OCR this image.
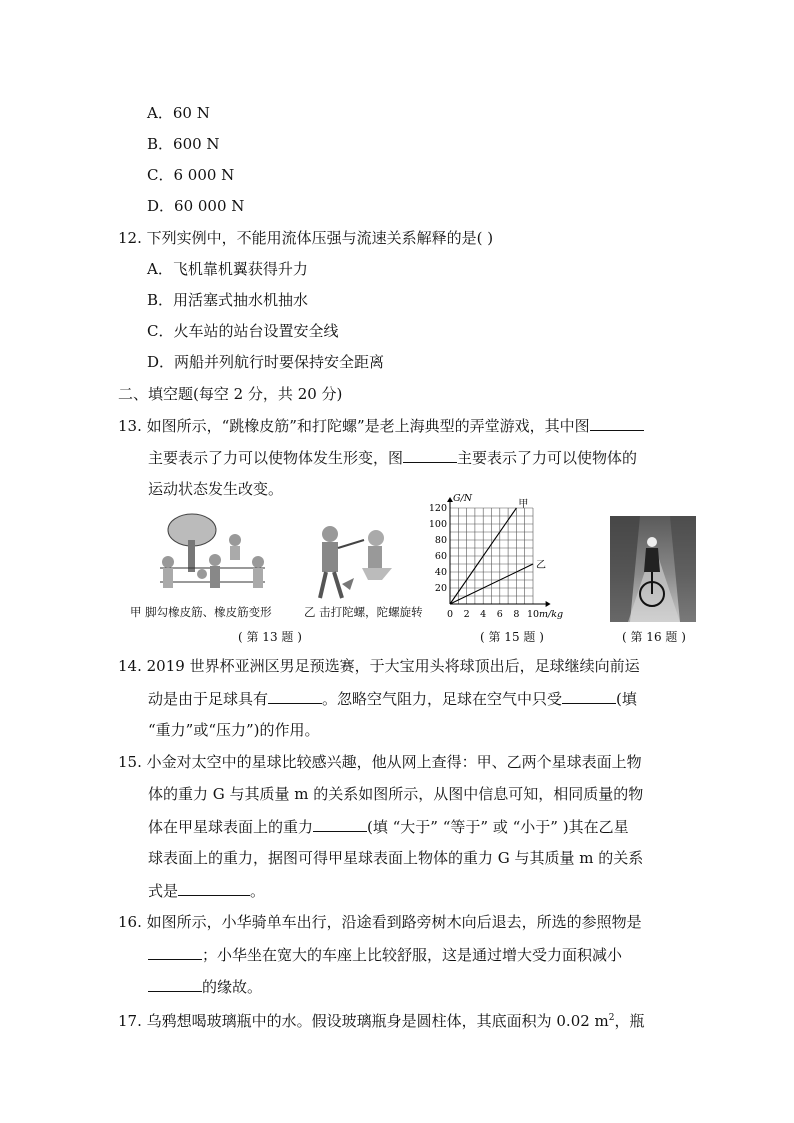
A．60 N
B．600 N
C．6 000 N
D．60 000 N
12. 下列实例中，不能用流体压强与流速关系解释的是( )
A．飞机靠机翼获得升力
B．用活塞式抽水机抽水
C．火车站的站台设置安全线
D．两船并列航行时要保持安全距离
二、填空题(每空 2 分，共 20 分)
13. 如图所示，“跳橡皮筋”和打陀螺”是老上海典型的弄堂游戏，其中图
主要表示了力可以使物体发生形变，图	主要表示了力可以使物体的
运动状态发生改变。
甲 脚勾橡皮筋、橡皮筋变形	乙 击打陀螺，陀螺旋转
( 第 13 题 )
0 2 4 6 8 10
20
40
60
80
100
120
m/kg
G/N
甲
乙
( 第 15 题 )	( 第 16 题 )
14. 2019 世界杯亚洲区男足预选赛，于大宝用头将球顶出后，足球继续向前运
动是由于足球具有	。忽略空气阻力，足球在空气中只受	(填
“重力”或“压力”)的作用。
15. 小金对太空中的星球比较感兴趣，他从网上查得：甲、乙两个星球表面上物
体的重力 G 与其质量 m 的关系如图所示，从图中信息可知，相同质量的物
体在甲星球表面上的重力	(填 “大于” “等于” 或 “小于” )其在乙星
球表面上的重力，据图可得甲星球表面上物体的重力 G 与其质量 m 的关系
式是	。
16. 如图所示，小华骑单车出行，沿途看到路旁树木向后退去，所选的参照物是
；小华坐在宽大的车座上比较舒服，这是通过增大受力面积减小
的缘故。
17. 乌鸦想喝玻璃瓶中的水。假设玻璃瓶身是圆柱体，其底面积为 0.02 $m^2$，瓶
